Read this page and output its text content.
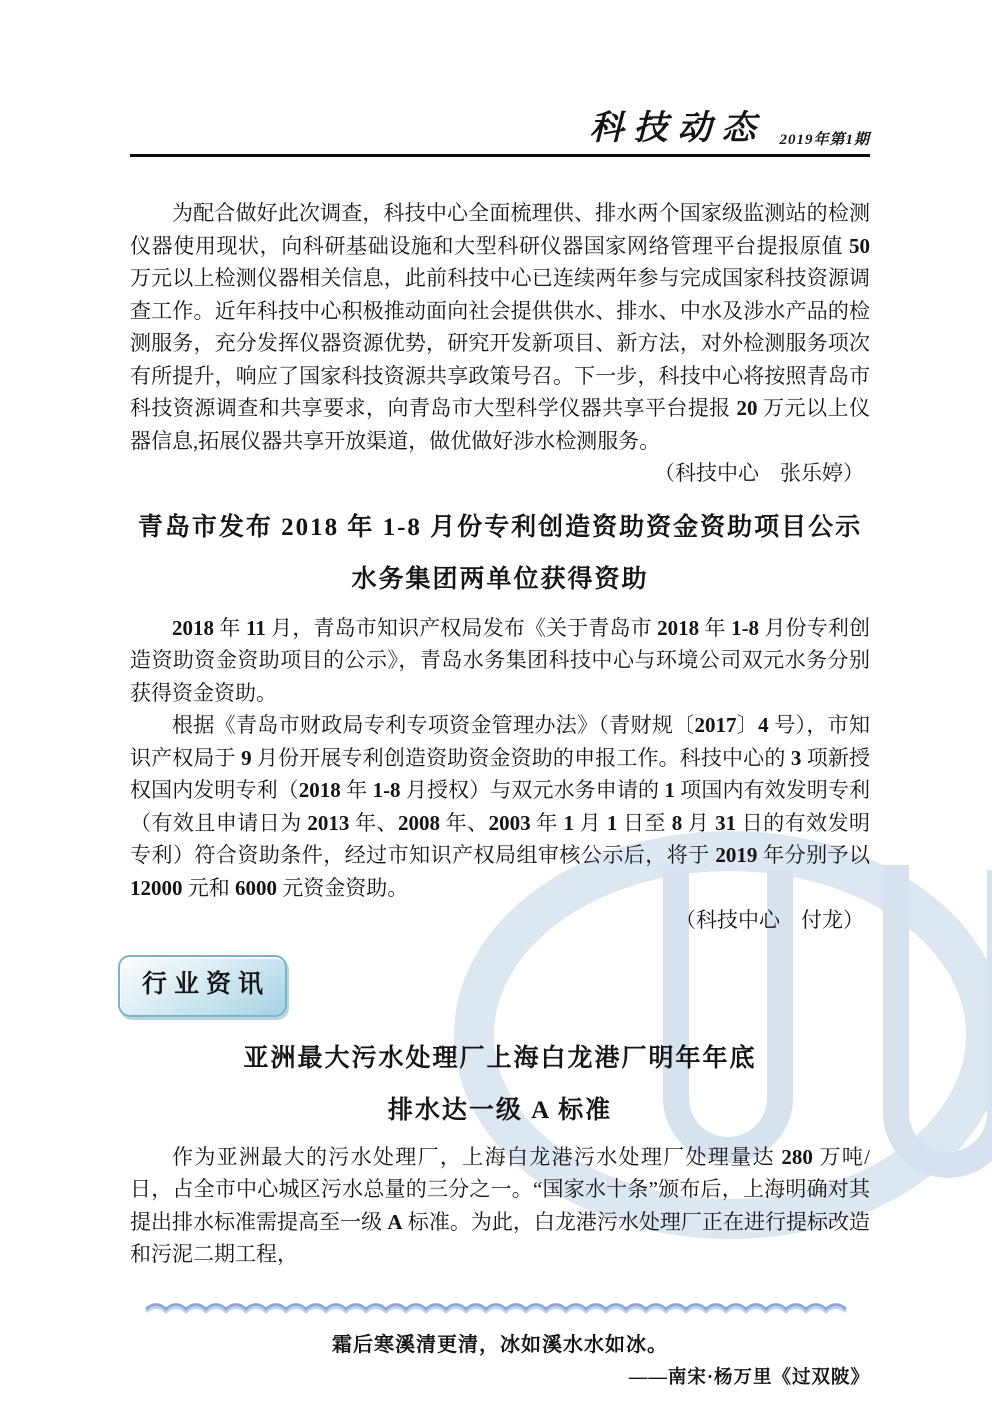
科技动态 2019年第1期

为配合做好此次调查，科技中心全面梳理供、排水两个国家级监测站的检测仪器使用现状，向科研基础设施和大型科研仪器国家网络管理平台提报原值 50 万元以上检测仪器相关信息，此前科技中心已连续两年参与完成国家科技资源调查工作。近年科技中心积极推动面向社会提供供水、排水、中水及涉水产品的检测服务，充分发挥仪器资源优势，研究开发新项目、新方法，对外检测服务项次有所提升，响应了国家科技资源共享政策号召。下一步，科技中心将按照青岛市科技资源调查和共享要求，向青岛市大型科学仪器共享平台提报 20 万元以上仪器信息,拓展仪器共享开放渠道，做优做好涉水检测服务。

（科技中心　张乐婷）
青岛市发布 2018 年 1-8 月份专利创造资助资金资助项目公示
水务集团两单位获得资助

2018 年 11 月，青岛市知识产权局发布《关于青岛市 2018 年 1-8 月份专利创造资助资金资助项目的公示》，青岛水务集团科技中心与环境公司双元水务分别获得资金资助。

根据《青岛市财政局专利专项资金管理办法》（青财规〔2017〕4 号），市知识产权局于 9 月份开展专利创造资助资金资助的申报工作。科技中心的 3 项新授权国内发明专利（2018 年 1-8 月授权）与双元水务申请的 1 项国内有效发明专利（有效且申请日为 2013 年、2008 年、2003 年 1 月 1 日至 8 月 31 日的有效发明专利）符合资助条件，经过市知识产权局组审核公示后，将于 2019 年分别予以 12000 元和 6000 元资金资助。

（科技中心　付龙）
行业资讯
亚洲最大污水处理厂上海白龙港厂明年年底
排水达一级 A 标准

作为亚洲最大的污水处理厂，上海白龙港污水处理厂处理量达 280 万吨/日，占全市中心城区污水总量的三分之一。“国家水十条”颁布后，上海明确对其提出排水标准需提高至一级 A 标准。为此，白龙港污水处理厂正在进行提标改造和污泥二期工程，

霜后寒溪清更清，冰如溪水水如冰。
——南宋·杨万里《过双陂》
